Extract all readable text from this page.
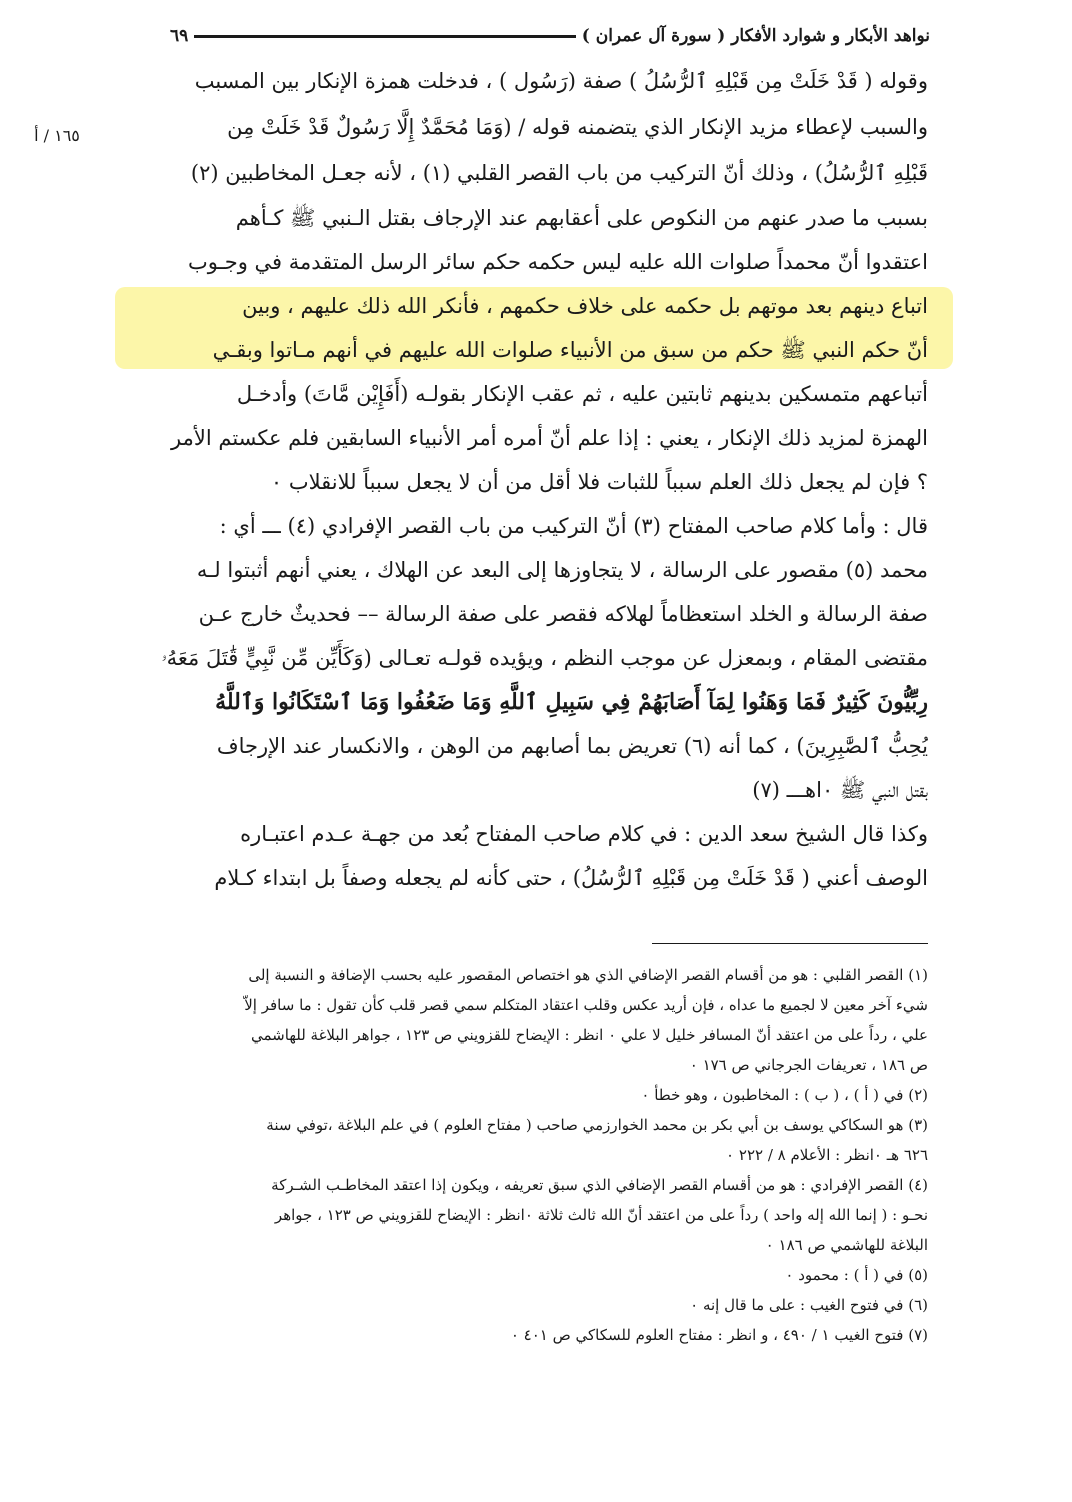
نواهد الأبكار و شوارد الأفكار ( سورة آل عمران )
٦٩
١٦٥ / أ
وقوله ( قَدْ خَلَتْ مِن قَبْلِهِ ٱلرُّسُلُ ) صفة (رَسُول ) ، فدخلت همزة الإنكار بين المسبب
والسبب لإعطاء مزيد الإنكار الذي يتضمنه قوله / (وَمَا مُحَمَّدٌ إِلَّا رَسُولٌ قَدْ خَلَتْ مِن
قَبْلِهِ ٱلرُّسُلُ) ، وذلك أنّ التركيب من باب القصر القلبي (١) ، لأنه جعـل المخاطبين (٢)
بسبب ما صدر عنهم من النكوص على أعقابهم عند الإرجاف بقتل الـنبي ﷺ كـأهم
اعتقدوا أنّ محمداً صلوات الله عليه ليس حكمه حكم سائر الرسل المتقدمة في وجـوب
اتباع دينهم بعد موتهم بل حكمه على خلاف حكمهم ، فأنكر الله ذلك عليهم ، وبين
أنّ حكم النبي ﷺ حكم من سبق من الأنبياء صلوات الله عليهم في أنهم مـاتوا وبقـي
أتباعهم متمسكين بدينهم ثابتين عليه ، ثم عقب الإنكار بقولـه (أَفَإِيْن مَّاتَ) وأدخـل
الهمزة لمزيد ذلك الإنكار ، يعني : إذا علم أنّ أمره أمر الأنبياء السابقين فلم عكستم الأمر
؟ فإن لم يجعل ذلك العلم سبباً للثبات فلا أقل من أن لا يجعل سبباً للانقلاب ٠
قال : وأما كلام صاحب المفتاح (٣) أنّ التركيب من باب القصر الإفرادي (٤) ـــ أي :
محمد (٥) مقصور على الرسالة ، لا يتجاوزها إلى البعد عن الهلاك ، يعني أنهم أثبتوا لـه
صفة الرسالة و الخلد استعظاماً لهلاكه فقصر على صفة الرسالة –– فحديثٌ خارج عـن
مقتضى المقام ، وبمعزل عن موجب النظم ، ويؤيده قولـه تعـالى (وَكَأَيِّن مِّن نَّبِيٍّ قَٰتَلَ مَعَهُۥ
رِبِّيُّونَ كَثِيرٌ فَمَا وَهَنُوا لِمَآ أَصَابَهُمْ فِي سَبِيلِ ٱللَّهِ وَمَا ضَعُفُوا وَمَا ٱسْتَكَانُوا وَٱللَّهُ
يُحِبُّ ٱلصَّٰبِرِينَ) ، كما أنه (٦) تعريض بما أصابهم من الوهن ، والانكسار عند الإرجاف
بقتل النبي ﷺ ٠اهـــ (٧)
وكذا قال الشيخ سعد الدين : في كلام صاحب المفتاح بُعد من جهـة عـدم اعتبـاره
الوصف أعني ( قَدْ خَلَتْ مِن قَبْلِهِ ٱلرُّسُلُ) ، حتى كأنه لم يجعله وصفاً بل ابتداء كـلام
(١) القصر القلبي : هو من أقسام القصر الإضافي الذي هو اختصاص المقصور عليه بحسب الإضافة و النسبة إلى
شيء آخر معين لا لجميع ما عداه ، فإن أريد عكس وقلب اعتقاد المتكلم سمي قصر قلب كأن تقول : ما سافر إلاّ
علي ، رداً على من اعتقد أنّ المسافر خليل لا علي ٠ انظر : الإيضاح للقزويني ص ١٢٣ ، جواهر البلاغة للهاشمي
ص ١٨٦ ، تعريفات الجرجاني ص ١٧٦ ٠
(٢) في ( أ ) ، ( ب ) : المخاطبون ، وهو خطأ ٠
(٣) هو السكاكي يوسف بن أبي بكر بن محمد الخوارزمي صاحب ( مفتاح العلوم ) في علم البلاغة ،توفي سنة
٦٢٦ هـ ٠انظر : الأعلام ٨ / ٢٢٢ ٠
(٤) القصر الإفرادي : هو من أقسام القصر الإضافي الذي سبق تعريفه ، ويكون إذا اعتقد المخاطـب الشـركة
نحـو : ( إنما الله إله واحد ) رداً على من اعتقد أنّ الله ثالث ثلاثة ٠انظر : الإيضاح للقزويني ص ١٢٣ ، جواهر
البلاغة للهاشمي ص ١٨٦ ٠
(٥) في ( أ ) : محمود ٠
(٦) في فتوح الغيب : على ما قال إنه ٠
(٧) فتوح الغيب ١ / ٤٩٠ ، و انظر : مفتاح العلوم للسكاكي ص ٤٠١ ٠
